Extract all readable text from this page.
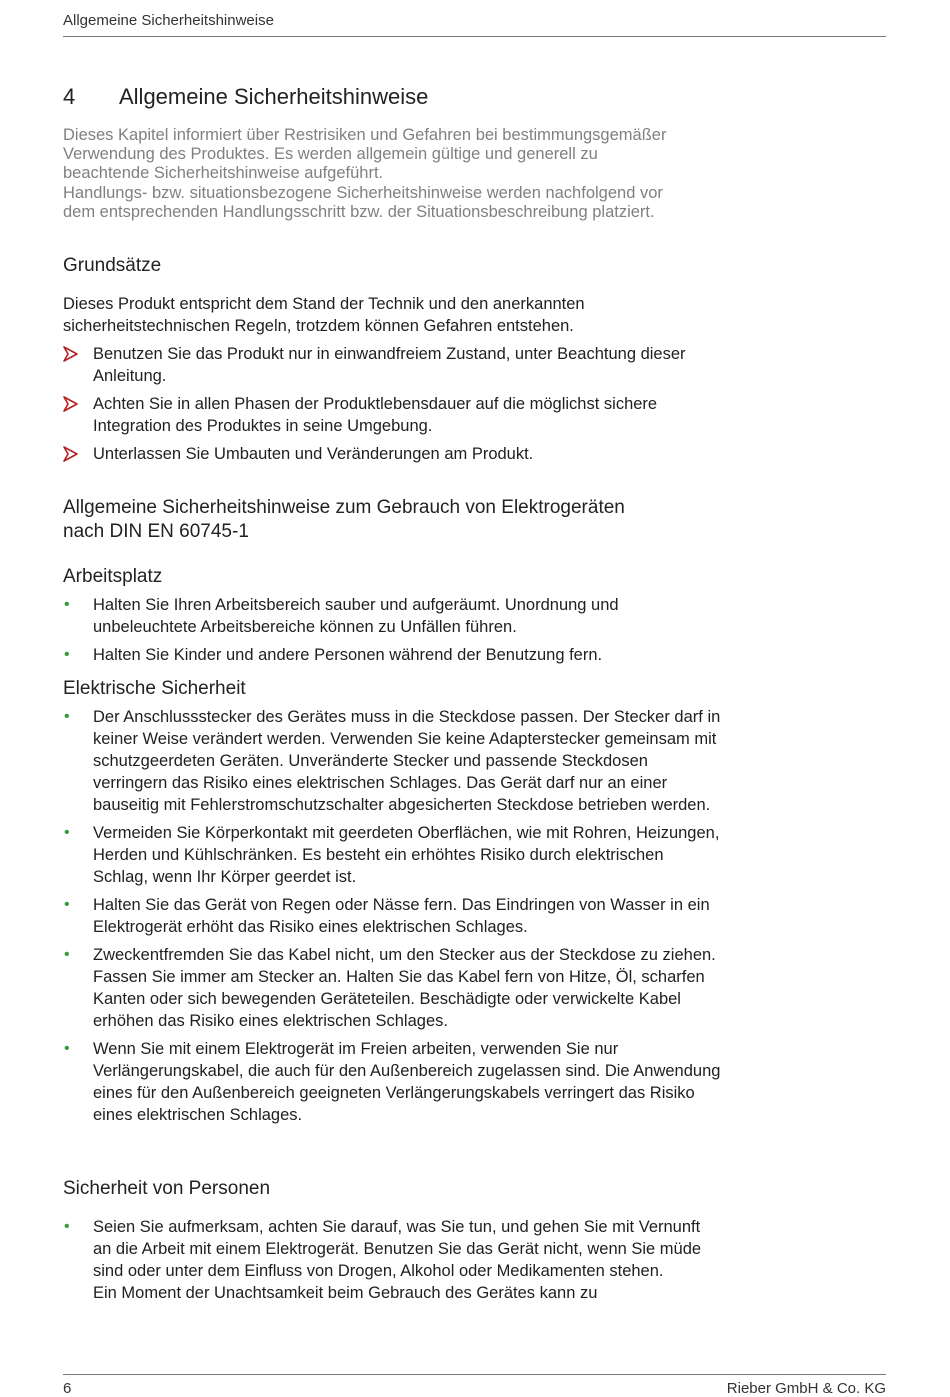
Allgemeine Sicherheitshinweise
4 Allgemeine Sicherheitshinweise

Dieses Kapitel informiert über Restrisiken und Gefahren bei bestimmungsgemäßer

Verwendung des Produktes. Es werden allgemein gültige und generell zu

beachtende Sicherheitshinweise aufgeführt.

Handlungs- bzw. situationsbezogene Sicherheitshinweise werden nachfolgend vor

dem entsprechenden Handlungsschritt bzw. der Situationsbeschreibung platziert.

Grundsätze
Dieses Produkt entspricht dem Stand der Technik und den anerkannten sicherheitstechnischen Regeln, trotzdem können Gefahren entstehen.
Benutzen Sie das Produkt nur in einwandfreiem Zustand, unter Beachtung dieser Anleitung.
Achten Sie in allen Phasen der Produktlebensdauer auf die möglichst sichere Integration des Produktes in seine Umgebung.
Unterlassen Sie Umbauten und Veränderungen am Produkt.
Allgemeine Sicherheitshinweise zum Gebrauch von Elektrogeräten
nach DIN EN 60745-1
Arbeitsplatz
• Halten Sie Ihren Arbeitsbereich sauber und aufgeräumt. Unordnung und unbeleuchtete Arbeitsbereiche können zu Unfällen führen.
• Halten Sie Kinder und andere Personen während der Benutzung fern.
Elektrische Sicherheit
• Der Anschlussstecker des Gerätes muss in die Steckdose passen. Der Stecker darf in keiner Weise verändert werden. Verwenden Sie keine Adapterstecker gemeinsam mit schutzgeerdeten Geräten. Unveränderte Stecker und passende Steckdosen verringern das Risiko eines elektrischen Schlages. Das Gerät darf nur an einer bauseitig mit Fehlerstromschutzschalter abgesicherten Steckdose betrieben werden.
• Vermeiden Sie Körperkontakt mit geerdeten Oberflächen, wie mit Rohren, Heizungen, Herden und Kühlschränken. Es besteht ein erhöhtes Risiko durch elektrischen Schlag, wenn Ihr Körper geerdet ist.
• Halten Sie das Gerät von Regen oder Nässe fern. Das Eindringen von Wasser in ein Elektrogerät erhöht das Risiko eines elektrischen Schlages.
• Zweckentfremden Sie das Kabel nicht, um den Stecker aus der Steckdose zu ziehen. Fassen Sie immer am Stecker an. Halten Sie das Kabel fern von Hitze, Öl, scharfen Kanten oder sich bewegenden Geräteteilen. Beschädigte oder verwickelte Kabel erhöhen das Risiko eines elektrischen Schlages.
• Wenn Sie mit einem Elektrogerät im Freien arbeiten, verwenden Sie nur Verlängerungskabel, die auch für den Außenbereich zugelassen sind. Die Anwendung eines für den Außenbereich geeigneten Verlängerungskabels verringert das Risiko eines elektrischen Schlages.
Sicherheit von Personen
• Seien Sie aufmerksam, achten Sie darauf, was Sie tun, und gehen Sie mit Vernunft an die Arbeit mit einem Elektrogerät. Benutzen Sie das Gerät nicht, wenn Sie müde sind oder unter dem Einfluss von Drogen, Alkohol oder Medikamenten stehen.
Ein Moment der Unachtsamkeit beim Gebrauch des Gerätes kann zu
6	Rieber GmbH & Co. KG
